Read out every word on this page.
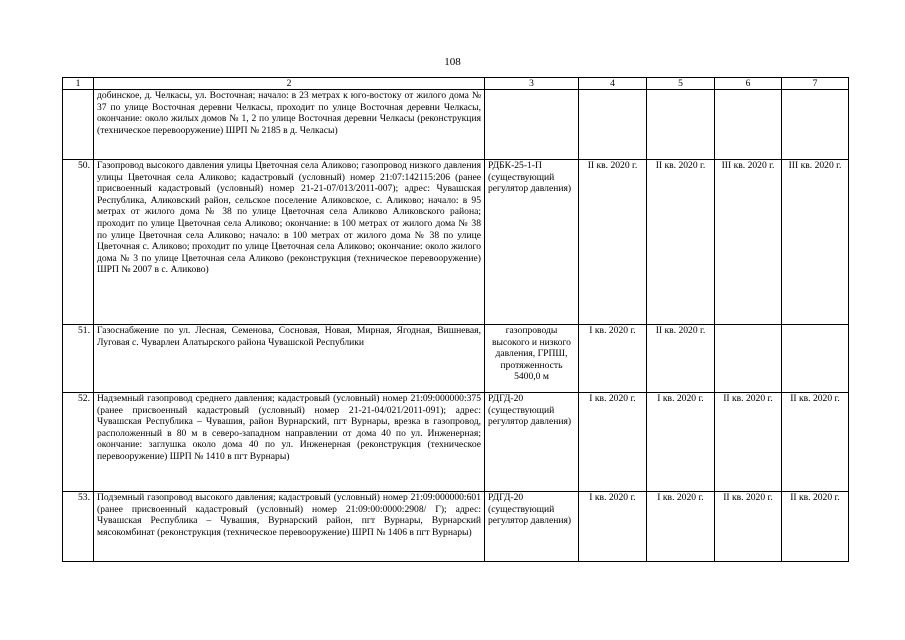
108
1	2	3	4	5	6	7
	добинское, д. Челкасы, ул. Восточная; начало: в 23 метрах к юго-востоку от жилого дома № 37 по улице Восточная деревни Челкасы, проходит по улице Восточная деревни Челкасы, окончание: около жилых домов № 1, 2 по улице Восточная деревни Челкасы (реконструкция (техническое перевооружение) ШРП № 2185 в д. Челкасы)					
50.	Газопровод высокого давления улицы Цветочная села Аликово; газопровод низкого давления улицы Цветочная села Аликово; кадастровый (условный) номер 21:07:142115:206 (ранее присвоенный кадастровый (условный) номер 21-21-07/013/2011-007); адрес: Чувашская Республика, Аликовский район, сельское поселение Аликовское, с. Аликово; начало: в 95 метрах от жилого дома № 38 по улице Цветочная села Аликово Аликовского района; проходит по улице Цветочная села Аликово; окончание: в 100 метрах от жилого дома № 38 по улице Цветочная села Аликово; начало: в 100 метрах от жилого дома № 38 по улице Цветочная с. Аликово; проходит по улице Цветочная села Аликово; окончание: около жилого дома № 3 по улице Цветочная села Аликово (реконструкция (техническое перевооружение) ШРП № 2007 в с. Аликово)	РДБК-25-1-П (существующий регулятор давления)	II кв. 2020 г.	II кв. 2020 г.	III кв. 2020 г.	III кв. 2020 г.
51.	Газоснабжение по ул. Лесная, Семенова, Сосновая, Новая, Мирная, Ягодная, Вишневая, Луговая с. Чуварлеи Алатырского района Чувашской Республики	газопроводы высокого и низкого давления, ГРПШ, протяженность 5400,0 м	I кв. 2020 г.	II кв. 2020 г.		
52.	Надземный газопровод среднего давления; кадастровый (условный) номер 21:09:000000:375 (ранее присвоенный кадастровый (условный) номер 21-21-04/021/2011-091); адрес: Чувашская Республика – Чувашия, район Вурнарский, пгт Вурнары, врезка в газопровод, расположенный в 80 м в северо-западном направлении от дома 40 по ул. Инженерная; окончание: заглушка около дома 40 по ул. Инженерная (реконструкция (техническое перевооружение) ШРП № 1410 в пгт Вурнары)	РДГД-20 (существующий регулятор давления)	I кв. 2020 г.	I кв. 2020 г.	II кв. 2020 г.	II кв. 2020 г.
53.	Подземный газопровод высокого давления; кадастровый (условный) номер 21:09:000000:601 (ранее присвоенный кадастровый (условный) номер 21:09:00:0000:2908/ Г); адрес: Чувашская Республика – Чувашия, Вурнарский район, пгт Вурнары, Вурнарский мясокомбинат (реконструкция (техническое перевооружение) ШРП № 1406 в пгт Вурнары)	РДГД-20 (существующий регулятор давления)	I кв. 2020 г.	I кв. 2020 г.	II кв. 2020 г.	II кв. 2020 г.
